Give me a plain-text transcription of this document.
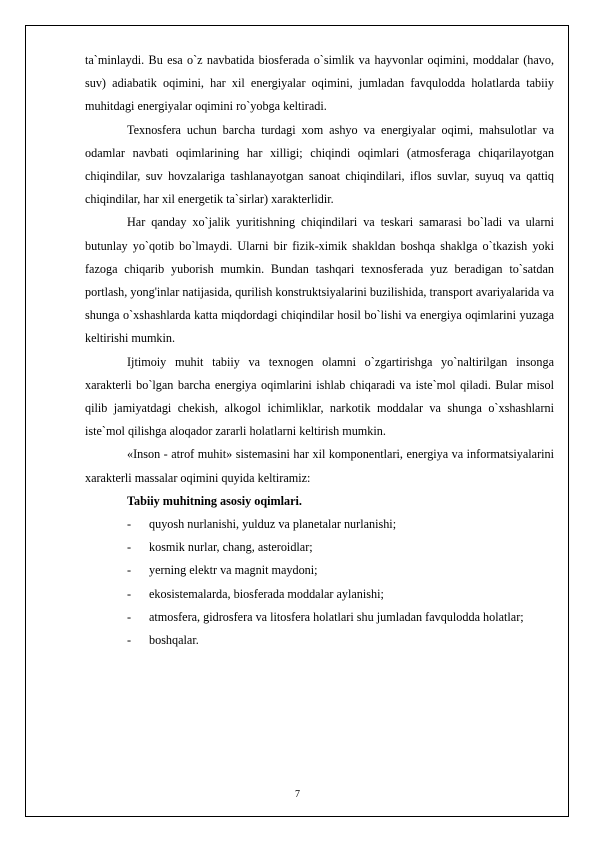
ta`minlaydi. Bu esa o`z navbatida biosferada o`simlik va hayvonlar oqimini, moddalar (havo, suv) adiabatik oqimini, har xil energiyalar oqimini, jumladan favqulodda holatlarda tabiiy muhitdagi energiyalar oqimini ro`yobga keltiradi.

Texnosfera uchun barcha turdagi xom ashyo va energiyalar oqimi, mahsulotlar va odamlar navbati oqimlarining har xilligi; chiqindi oqimlari (atmosferaga chiqarilayotgan chiqindilar, suv hovzalariga tashlanayotgan sanoat chiqindilari, iflos suvlar, suyuq va qattiq chiqindilar, har xil energetik ta`sirlar) xarakterlidir.

Har qanday xo`jalik yuritishning chiqindilari va teskari samarasi bo`ladi va ularni butunlay yo`qotib bo`lmaydi. Ularni bir fizik-ximik shakldan boshqa shaklga o`tkazish yoki fazoga chiqarib yuborish mumkin. Bundan tashqari texnosferada yuz beradigan to`satdan portlash, yong'inlar natijasida, qurilish konstruktsiyalarini buzilishida, transport avariyalarida va shunga o`xshashlarda katta miqdordagi chiqindilar hosil bo`lishi va energiya oqimlarini yuzaga keltirishi mumkin.

Ijtimoiy muhit tabiiy va texnogen olamni o`zgartirishga yo`naltirilgan insonga xarakterli bo`lgan barcha energiya oqimlarini ishlab chiqaradi va iste`mol qiladi. Bular misol qilib jamiyatdagi chekish, alkogol ichimliklar, narkotik moddalar va shunga o`xshashlarni iste`mol qilishga aloqador zararli holatlarni keltirish mumkin.

«Inson - atrof muhit» sistemasini har xil komponentlari, energiya va informatsiyalarini xarakterli massalar oqimini quyida keltiramiz:

Tabiiy muhitning asosiy oqimlari.

- quyosh nurlanishi, yulduz va planetalar nurlanishi;
- kosmik nurlar, chang, asteroidlar;
- yerning elektr va magnit maydoni;
- ekosistemalarda, biosferada moddalar aylanishi;
- atmosfera, gidrosfera va litosfera holatlari shu jumladan favqulodda holatlar;
- boshqalar.
7
